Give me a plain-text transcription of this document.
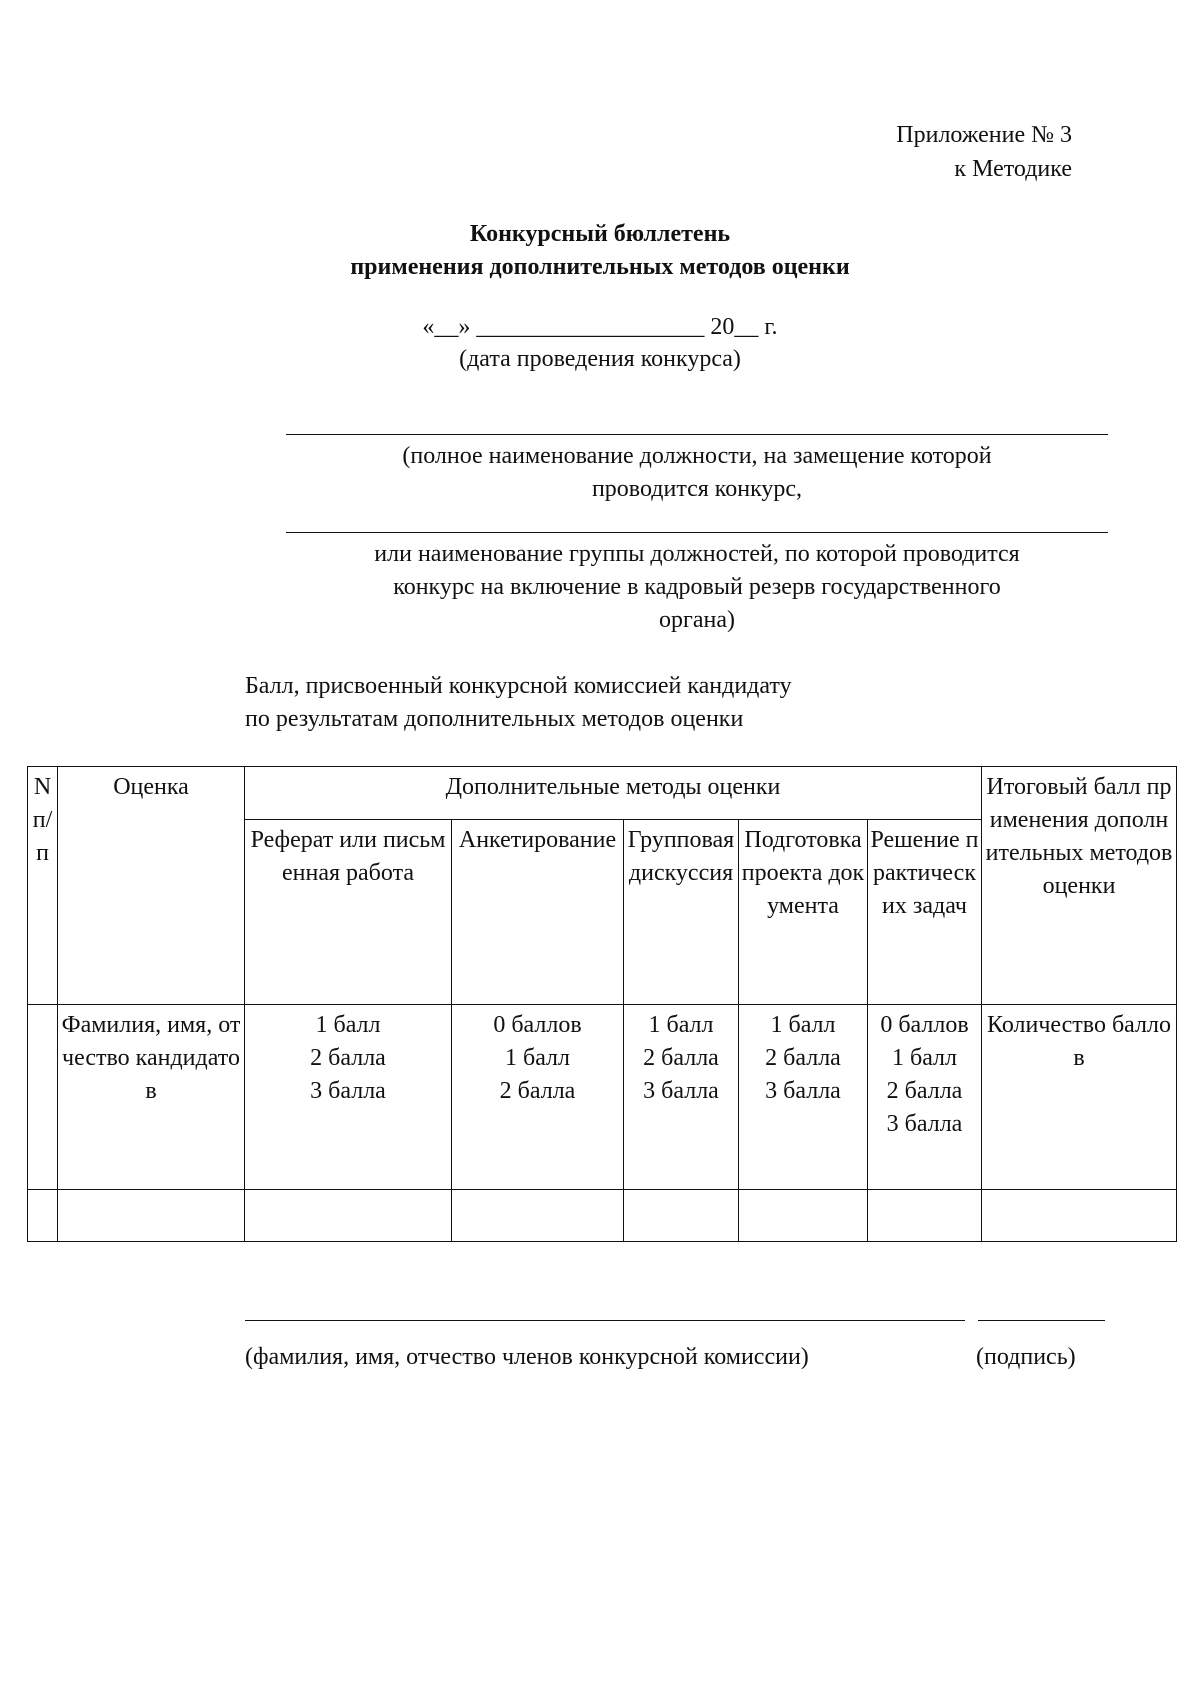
Приложение № 3
к Методике
Конкурсный бюллетень
применения дополнительных методов оценки
«__» ___________________ 20__ г.
(дата проведения конкурса)
(полное наименование должности, на замещение которой
проводится конкурс,
или наименование группы должностей, по которой проводится
конкурс на включение в кадровый резерв государственного
органа)
Балл, присвоенный конкурсной комиссией кандидату
по результатам дополнительных методов оценки
N п/ п	Оценка	Дополнительные методы оценки					Итоговый балл применения дополнительных методов оценки
		Реферат или письменная работа	Анкетирование	Групповая дискуссия	Подготовка проекта документа	Решение практических задач	
	Фамилия, имя, отчество кандидатов	1 балл
2 балла
3 балла	0 баллов
1 балл
2 балла	1 балл
2 балла
3 балла	1 балл
2 балла
3 балла	0 баллов
1 балл
2 балла
3 балла	Количество баллов

(фамилия, имя, отчество членов конкурсной комиссии)	(подпись)
